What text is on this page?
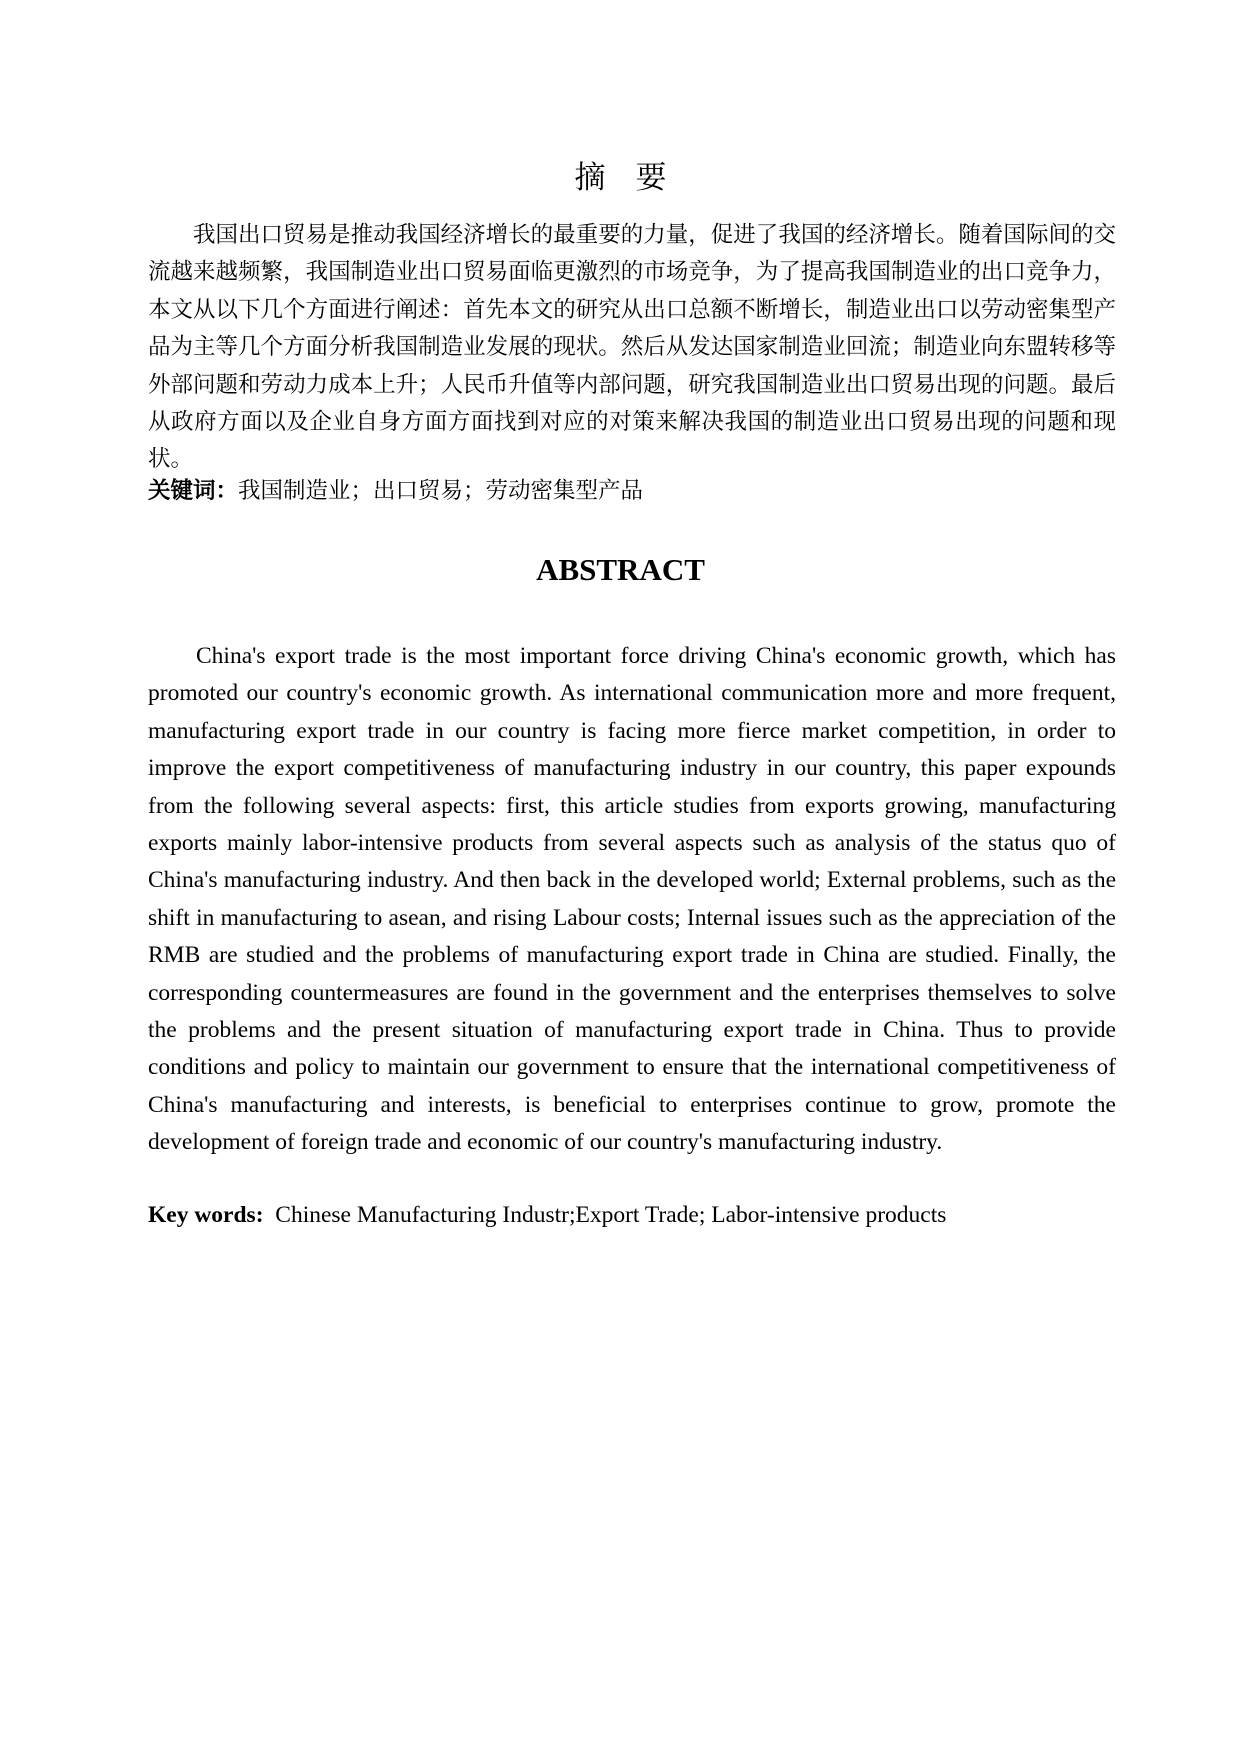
摘要

我国出口贸易是推动我国经济增长的最重要的力量，促进了我国的经济增长。随着国际间的交流越来越频繁，我国制造业出口贸易面临更激烈的市场竞争，为了提高我国制造业的出口竞争力，本文从以下几个方面进行阐述：首先本文的研究从出口总额不断增长，制造业出口以劳动密集型产品为主等几个方面分析我国制造业发展的现状。然后从发达国家制造业回流；制造业向东盟转移等外部问题和劳动力成本上升；人民币升值等内部问题，研究我国制造业出口贸易出现的问题。最后从政府方面以及企业自身方面方面找到对应的对策来解决我国的制造业出口贸易出现的问题和现状。

关键词：我国制造业；出口贸易；劳动密集型产品

ABSTRACT

China's export trade is the most important force driving China's economic growth, which has promoted our country's economic growth. As international communication more and more frequent, manufacturing export trade in our country is facing more fierce market competition, in order to improve the export competitiveness of manufacturing industry in our country, this paper expounds from the following several aspects: first, this article studies from exports growing, manufacturing exports mainly labor-intensive products from several aspects such as analysis of the status quo of China's manufacturing industry. And then back in the developed world; External problems, such as the shift in manufacturing to asean, and rising Labour costs; Internal issues such as the appreciation of the RMB are studied and the problems of manufacturing export trade in China are studied. Finally, the corresponding countermeasures are found in the government and the enterprises themselves to solve the problems and the present situation of manufacturing export trade in China. Thus to provide conditions and policy to maintain our government to ensure that the international competitiveness of China's manufacturing and interests, is beneficial to enterprises continue to grow, promote the development of foreign trade and economic of our country's manufacturing industry.

Key words: Chinese Manufacturing Industr;Export Trade; Labor-intensive products
